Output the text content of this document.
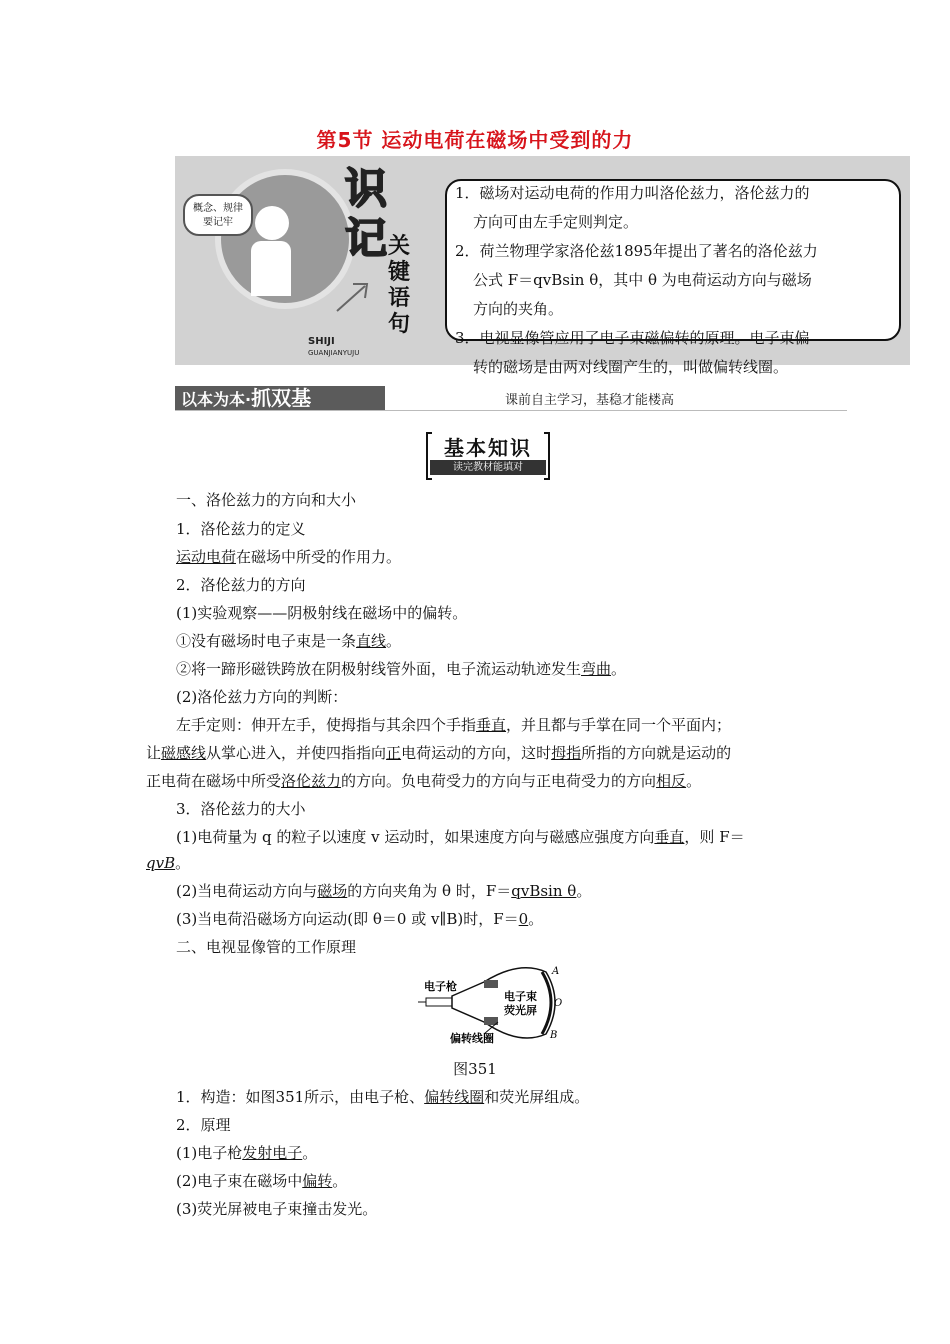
第5节 运动电荷在磁场中受到的力
概念、规律
要记牢
识
记 关
键
语
句
SHIJI
GUANJIANYUJU

1．磁场对运动电荷的作用力叫洛伦兹力，洛伦兹力的

方向可由左手定则判定。

2．荷兰物理学家洛伦兹1895年提出了著名的洛伦兹力

公式 F＝qvBsin θ，其中 θ 为电荷运动方向与磁场

方向的夹角。

3．电视显像管应用了电子束磁偏转的原理。电子束偏

转的磁场是由两对线圈产生的，叫做偏转线圈。

以本为本·抓双基	课前自主学习，基稳才能楼高
基本知识
读完教材能填对
一、洛伦兹力的方向和大小
1．洛伦兹力的定义
运动电荷在磁场中所受的作用力。
2．洛伦兹力的方向
(1)实验观察——阴极射线在磁场中的偏转。
①没有磁场时电子束是一条直线。
②将一蹄形磁铁跨放在阴极射线管外面，电子流运动轨迹发生弯曲。
(2)洛伦兹力方向的判断：
左手定则：伸开左手，使拇指与其余四个手指垂直，并且都与手掌在同一个平面内；
让磁感线从掌心进入，并使四指指向正电荷运动的方向，这时拇指所指的方向就是运动的
正电荷在磁场中所受洛伦兹力的方向。负电荷受力的方向与正电荷受力的方向相反。
3．洛伦兹力的大小
(1)电荷量为 q 的粒子以速度 v 运动时，如果速度方向与磁感应强度方向垂直，则 F＝
qvB。
(2)当电荷运动方向与磁场的方向夹角为 θ 时，F＝qvBsin θ。
(3)当电荷沿磁场方向运动(即 θ＝0 或 v∥B)时，F＝0。
二、电视显像管的工作原理
电子枪
电子束
荧光屏
偏转线圈
A
O
B
图351
1．构造：如图351所示，由电子枪、偏转线圈和荧光屏组成。
2．原理
(1)电子枪发射电子。
(2)电子束在磁场中偏转。
(3)荧光屏被电子束撞击发光。
